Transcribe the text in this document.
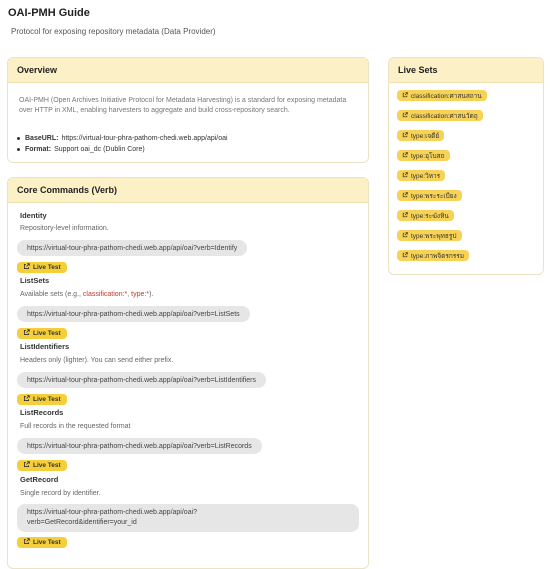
OAI-PMH Guide
Protocol for exposing repository metadata (Data Provider)
Overview
OAI-PMH (Open Archives Initiative Protocol for Metadata Harvesting) is a standard for exposing metadata over HTTP in XML, enabling harvesters to aggregate and build cross-repository search.
BaseURL: https://virtual-tour-phra-pathom-chedi.web.app/api/oai
Format: Support oai_dc (Dublin Core)
Core Commands (Verb)
Identity
Repository-level information.
https://virtual-tour-phra-pathom-chedi.web.app/api/oai?verb=Identify
Live Test
ListSets
Available sets (e.g., classification:*, type:*).
https://virtual-tour-phra-pathom-chedi.web.app/api/oai?verb=ListSets
Live Test
ListIdentifiers
Headers only (lighter). You can send either prefix.
https://virtual-tour-phra-pathom-chedi.web.app/api/oai?verb=ListIdentifiers
Live Test
ListRecords
Full records in the requested format
https://virtual-tour-phra-pathom-chedi.web.app/api/oai?verb=ListRecords
Live Test
GetRecord
Single record by identifier.
https://virtual-tour-phra-pathom-chedi.web.app/api/oai?
verb=GetRecord&identifier=your_id
Live Test
Live Sets
classification:ศาสนสถาน
classification:ศาสนวัตถุ
type:เจดีย์
type:อุโบสถ
type:วิหาร
type:พระระเบียง
type:ระฆังหิน
type:พระพุทธรูป
type:ภาพจิตรกรรม
